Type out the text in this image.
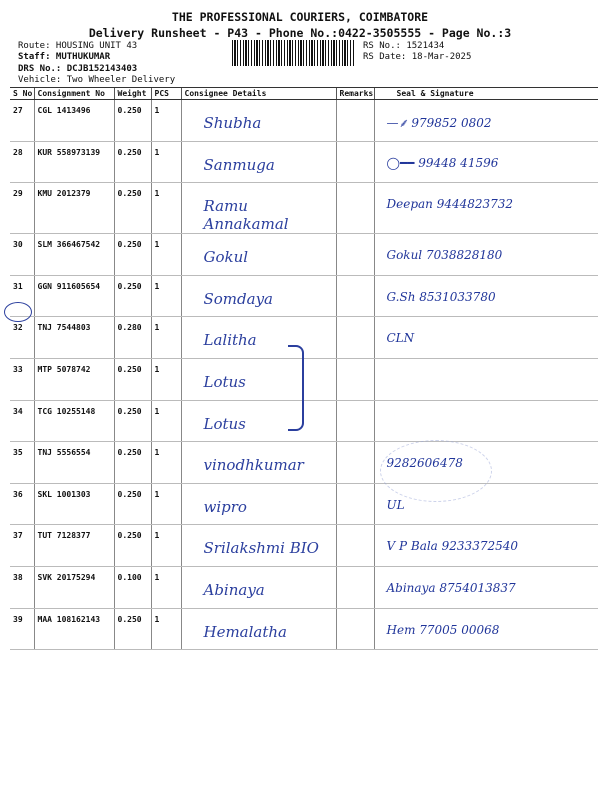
THE PROFESSIONAL COURIERS, COIMBATORE
Delivery Runsheet - P43 - Phone No.:0422-3505555 - Page No.:3
Route: HOUSING UNIT 43
Staff: MUTHUKUMAR
DRS No.: DCJB152143403
Vehicle: Two Wheeler Delivery
RS No.: 1521434
RS Date: 18-Mar-2025
S No	Consignment No	Weight	PCS	Consignee Details	Remarks	Seal & Signature
27	CGL 1413496	0.250	1	Shubha		—⸙ 979852 0802
28	KUR 558973139	0.250	1	Sanmuga		◯━━ 99448 41596
29	KMU 2012379	0.250	1	Ramu Annakamal		Deepan 9444823732
30	SLM 366467542	0.250	1	Gokul		Gokul 7038828180
31	GGN 911605654	0.250	1	Somdaya		G.Sh 8531033780
32	TNJ 7544803	0.280	1	Lalitha		CLN
33	MTP 5078742	0.250	1	Lotus		
34	TCG 10255148	0.250	1	Lotus		
35	TNJ 5556554	0.250	1	vinodhkumar		9282606478
36	SKL 1001303	0.250	1	wipro		UL
37	TUT 7128377	0.250	1	Srilakshmi BIO		V P Bala 9233372540
38	SVK 20175294	0.100	1	Abinaya		Abinaya 8754013837
39	MAA 108162143	0.250	1	Hemalatha		Hem 77005 00068
